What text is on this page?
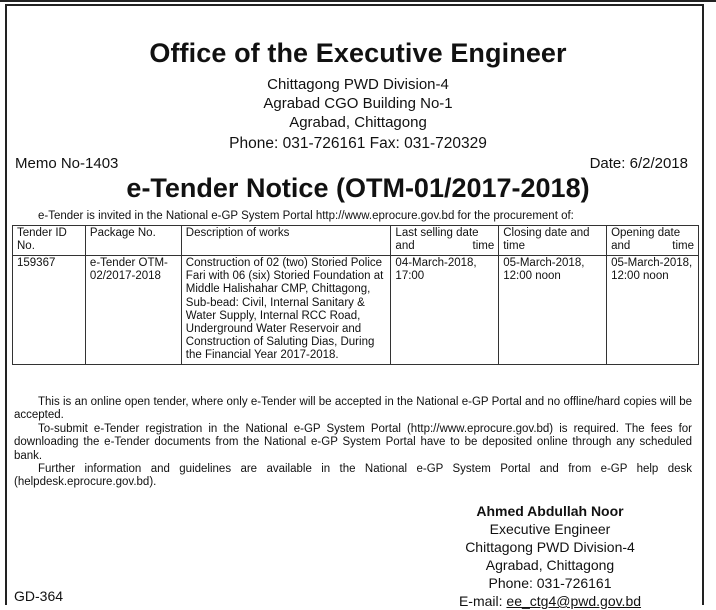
Office of the Executive Engineer
Chittagong PWD Division-4
Agrabad CGO Building No-1
Agrabad, Chittagong
Phone: 031-726161 Fax: 031-720329
Memo No-1403	Date: 6/2/2018
e-Tender Notice (OTM-01/2017-2018)
e-Tender is invited in the National e-GP System Portal http://www.eprocure.gov.bd for the procurement of:
Tender ID No.	Package No.	Description of works	Last selling date and time	Closing date and time	Opening date and time
159367	e-Tender OTM-02/2017-2018	Construction of 02 (two) Storied Police Fari with 06 (six) Storied Foundation at Middle Halishahar CMP, Chittagong, Sub-bead: Civil, Internal Sanitary & Water Supply, Internal RCC Road, Underground Water Reservoir and Construction of Saluting Dias, During the Financial Year 2017-2018.	04-March-2018, 17:00	05-March-2018, 12:00 noon	05-March-2018, 12:00 noon

This is an online open tender, where only e-Tender will be accepted in the National e-GP Portal and no offline/hard copies will be accepted.

To-submit e-Tender registration in the National e-GP System Portal (http://www.eprocure.gov.bd) is required. The fees for downloading the e-Tender documents from the National e-GP System Portal have to be deposited online through any scheduled bank.

Further information and guidelines are available in the National e-GP System Portal and from e-GP help desk (helpdesk.eprocure.gov.bd).

Ahmed Abdullah Noor
Executive Engineer
Chittagong PWD Division-4
Agrabad, Chittagong
Phone: 031-726161
E-mail: ee_ctg4@pwd.gov.bd
GD-364
